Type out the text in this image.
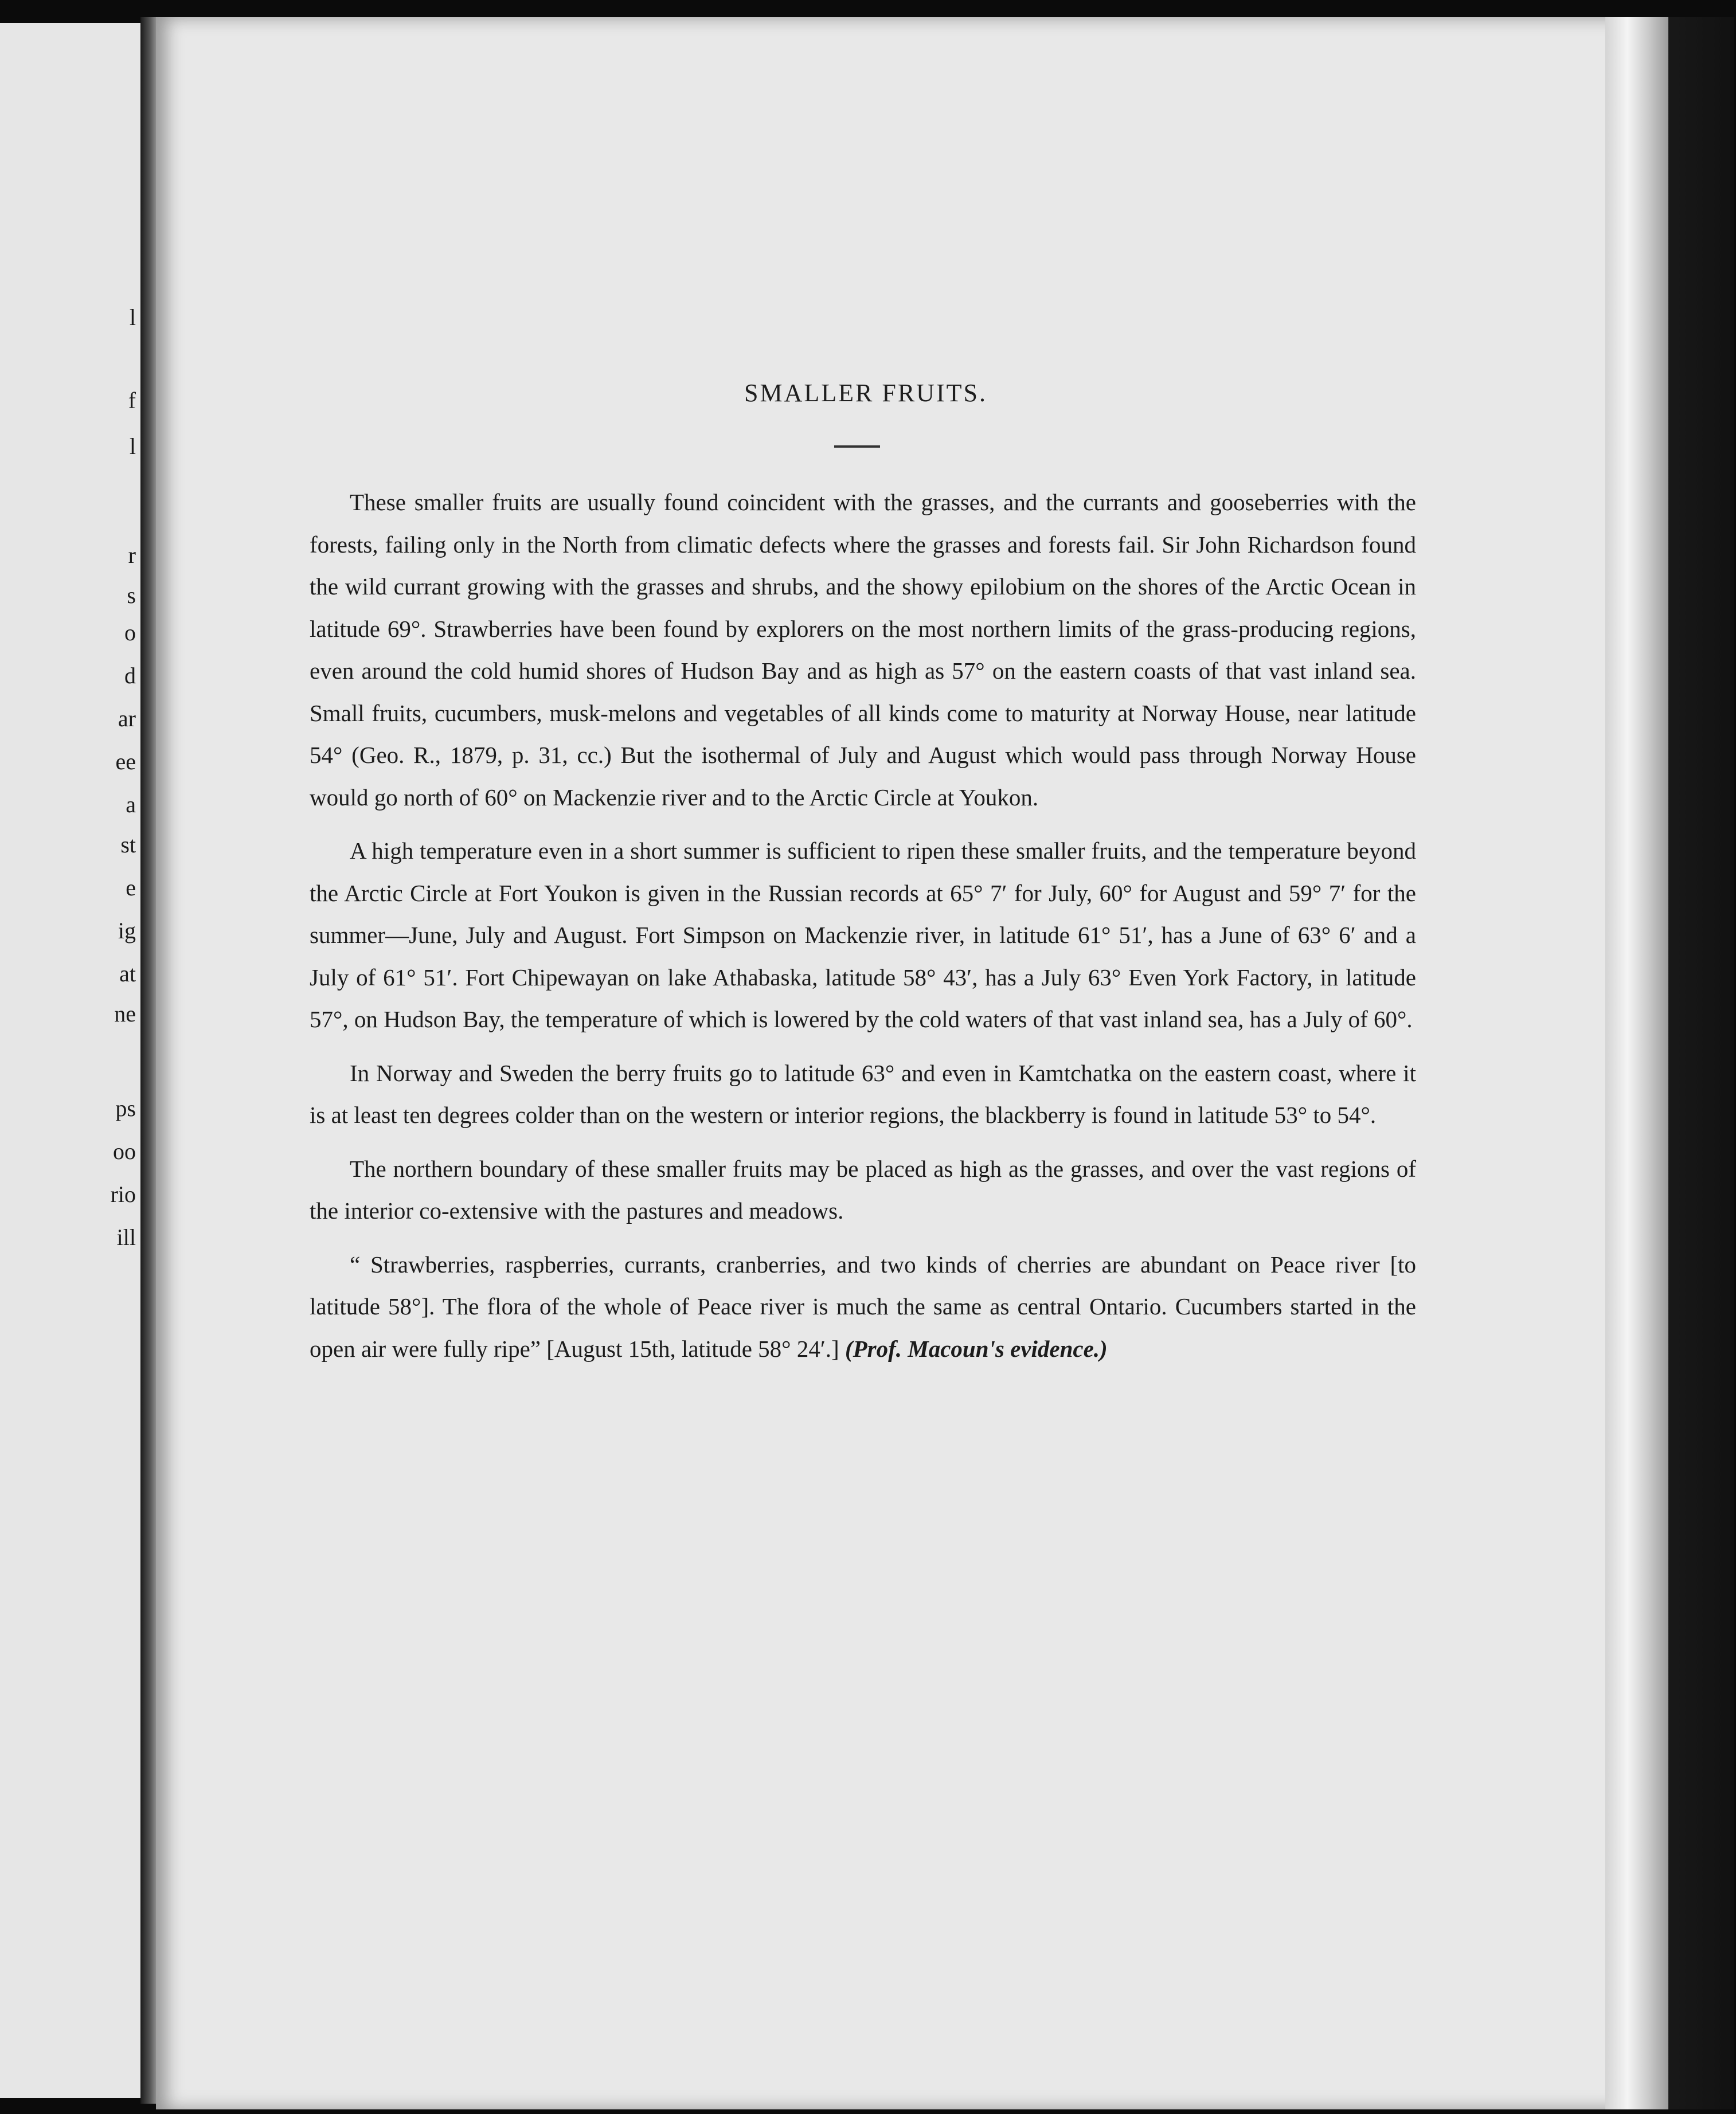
l
f
l
r
s
o
d
ar
ee
a
st
e
ig
at
ne
ps
oo
rio
ill
SMALLER FRUITS.

These smaller fruits are usually found coincident with the grasses, and the currants and gooseberries with the forests, failing only in the North from climatic defects where the grasses and forests fail. Sir John Richardson found the wild currant growing with the grasses and shrubs, and the showy epilobium on the shores of the Arctic Ocean in latitude 69°. Strawberries have been found by explorers on the most northern limits of the grass-producing regions, even around the cold humid shores of Hudson Bay and as high as 57° on the eastern coasts of that vast inland sea. Small fruits, cucumbers, musk-melons and vegetables of all kinds come to maturity at Norway House, near latitude 54° (Geo. R., 1879, p. 31, cc.) But the isothermal of July and August which would pass through Norway House would go north of 60° on Mackenzie river and to the Arctic Circle at Youkon.

A high temperature even in a short summer is sufficient to ripen these smaller fruits, and the temperature beyond the Arctic Circle at Fort Youkon is given in the Russian records at 65° 7′ for July, 60° for August and 59° 7′ for the summer—June, July and August. Fort Simpson on Mackenzie river, in latitude 61° 51′, has a June of 63° 6′ and a July of 61° 51′. Fort Chipewayan on lake Athabaska, latitude 58° 43′, has a July 63° Even York Factory, in latitude 57°, on Hudson Bay, the temperature of which is lowered by the cold waters of that vast inland sea, has a July of 60°.

In Norway and Sweden the berry fruits go to latitude 63° and even in Kamtchatka on the eastern coast, where it is at least ten degrees colder than on the western or interior regions, the blackberry is found in latitude 53° to 54°.

The northern boundary of these smaller fruits may be placed as high as the grasses, and over the vast regions of the interior co-extensive with the pastures and meadows.

“ Strawberries, raspberries, currants, cranberries, and two kinds of cherries are abundant on Peace river [to latitude 58°]. The flora of the whole of Peace river is much the same as central Ontario. Cucumbers started in the open air were fully ripe” [August 15th, latitude 58° 24′.] (Prof. Macoun's evidence.)
